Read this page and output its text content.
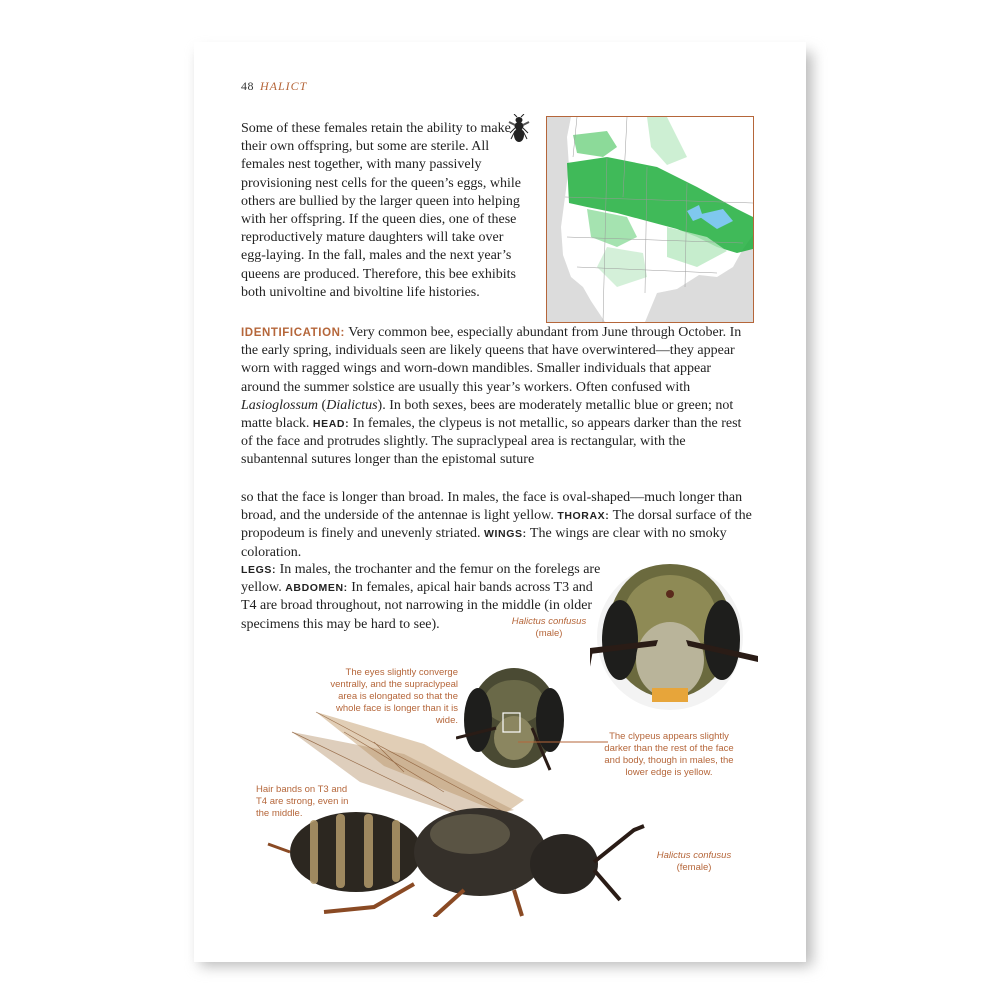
48 HALICT

Some of these females retain the ability to make their own offspring, but some are sterile. All females nest together, with many passively provisioning nest cells for the queen’s eggs, while others are bullied by the larger queen into helping with her offspring. If the queen dies, one of these reproductively mature daughters will take over egg-laying. In the fall, males and the next year’s queens are produced. Therefore, this bee exhibits both univoltine and bivoltine life histories.

IDENTIFICATION: Very common bee, especially abundant from June through October. In the early spring, individuals seen are likely queens that have overwintered—they appear worn with ragged wings and worn-down mandibles. Smaller individuals that appear around the summer solstice are usually this year’s workers. Often confused with Lasioglossum (Dialictus). In both sexes, bees are moderately metallic blue or green; not matte black. HEAD: In females, the clypeus is not metallic, so appears darker than the rest of the face and protrudes slightly. The supraclypeal area is rectangular, with the subantennal sutures longer than the epistomal suture

so that the face is longer than broad. In males, the face is oval-shaped—much longer than broad, and the underside of the antennae is light yellow. THORAX: The dorsal surface of the propodeum is finely and unevenly striated. WINGS: The wings are clear with no smoky coloration.

LEGS: In males, the trochanter and the femur on the forelegs are yellow. ABDOMEN: In females, apical hair bands across T3 and T4 are broad throughout, not narrowing in the middle (in older specimens this may be hard to see).	Halictus confusus
(male)
The eyes slightly converge ventrally, and the supraclypeal area is elongated so that the whole face is longer than it is wide.
The clypeus appears slightly darker than the rest of the face and body, though in males, the lower edge is yellow.
Hair bands on T3 and T4 are strong, even in the middle.
Halictus confusus
(female)
